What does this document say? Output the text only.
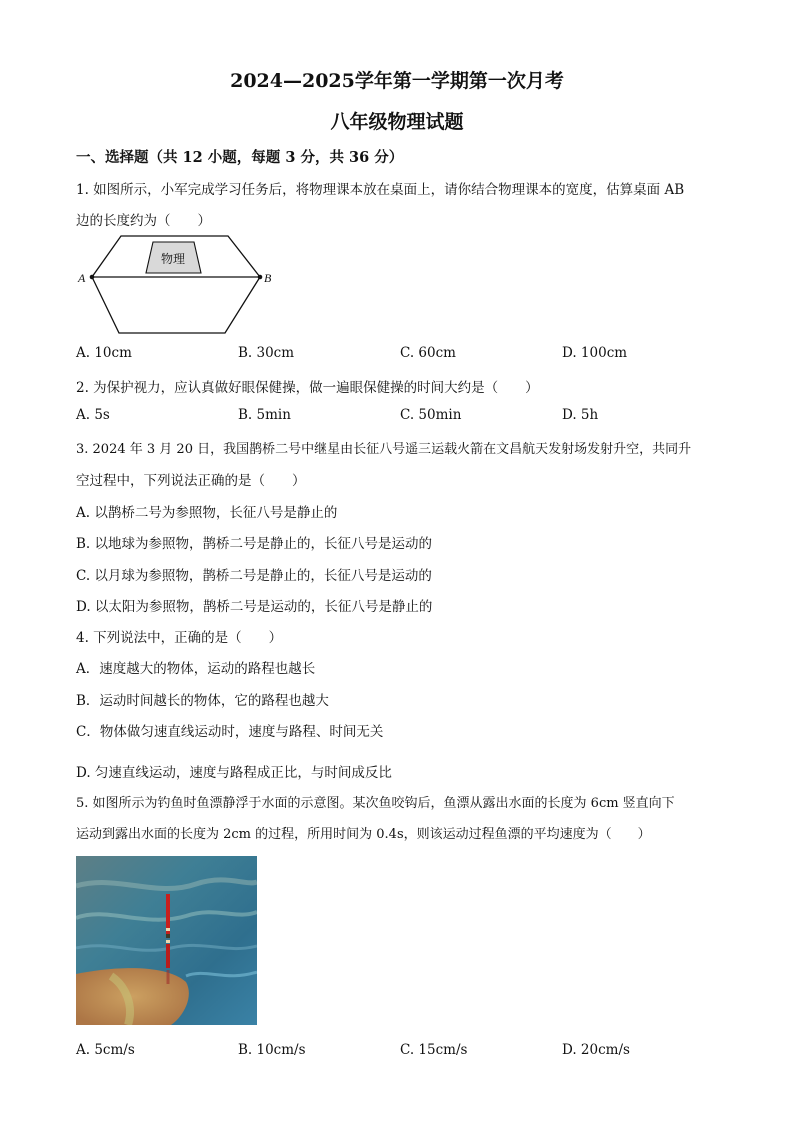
2024—2025学年第一学期第一次月考
八年级物理试题
一、选择题（共 12 小题，每题 3 分，共 36 分）
1. 如图所示，小军完成学习任务后，将物理课本放在桌面上，请你结合物理课本的宽度，估算桌面 AB
边的长度约为（　　）
物理
A	B
A. 10cm	B. 30cm	C. 60cm	D. 100cm
2. 为保护视力，应认真做好眼保健操，做一遍眼保健操的时间大约是（　　）
A. 5s	B. 5min	C. 50min	D. 5h
3. 2024 年 3 月 20 日，我国鹊桥二号中继星由长征八号遥三运载火箭在文昌航天发射场发射升空，共同升
空过程中，下列说法正确的是（　　）
A. 以鹊桥二号为参照物，长征八号是静止的
B. 以地球为参照物，鹊桥二号是静止的，长征八号是运动的
C. 以月球为参照物，鹊桥二号是静止的，长征八号是运动的
D. 以太阳为参照物，鹊桥二号是运动的，长征八号是静止的
4. 下列说法中，正确的是（　　）
A．速度越大的物体，运动的路程也越长
B．运动时间越长的物体，它的路程也越大
C．物体做匀速直线运动时，速度与路程、时间无关
D. 匀速直线运动，速度与路程成正比，与时间成反比
5. 如图所示为钓鱼时鱼漂静浮于水面的示意图。某次鱼咬钩后，鱼漂从露出水面的长度为 6cm 竖直向下
运动到露出水面的长度为 2cm 的过程，所用时间为 0.4s，则该运动过程鱼漂的平均速度为（　　）
A. 5cm/s	B. 10cm/s	C. 15cm/s	D. 20cm/s
